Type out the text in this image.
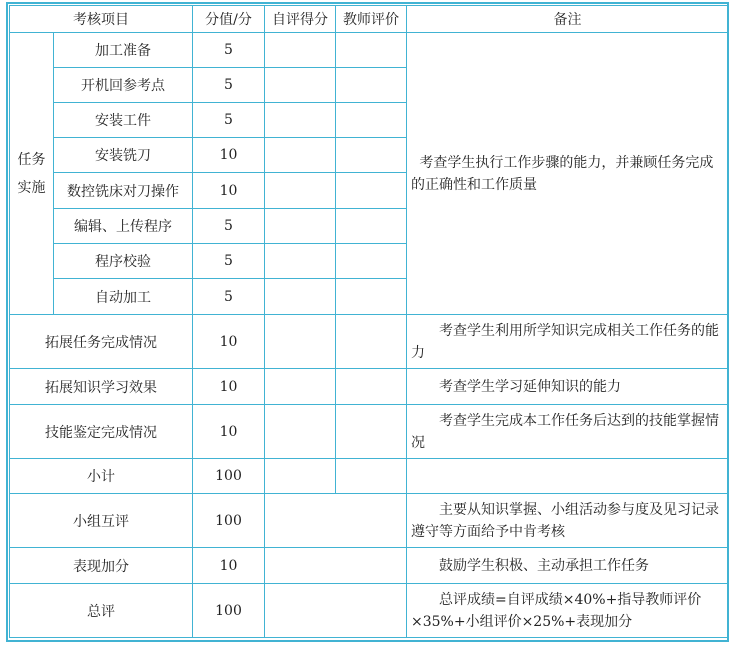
考核项目		分值/分	自评得分	教师评价	备注

任务
实施	加工准备	5			考查学生执行工作步骤的能力，并兼顾任务完成的正确性和工作质量

	开机回参考点	5			
	安装工件	5			
	安装铣刀	10			
	数控铣床对刀操作	10			
	编辑、上传程序	5			
	程序校验	5			
	自动加工	5			
拓展任务完成情况		10			考查学生利用所学知识完成相关工作任务的能力

拓展知识学习效果		10			考查学生学习延伸知识的能力

技能鉴定完成情况		10			考查学生完成本工作任务后达到的技能掌握情况

小计		100			

小组互评		100			主要从知识掌握、小组活动参与度及见习记录遵守等方面给予中肯考核

表现加分		10			鼓励学生积极、主动承担工作任务

总评		100			总评成绩=自评成绩×40%+指导教师评价×35%+小组评价×25%+表现加分
